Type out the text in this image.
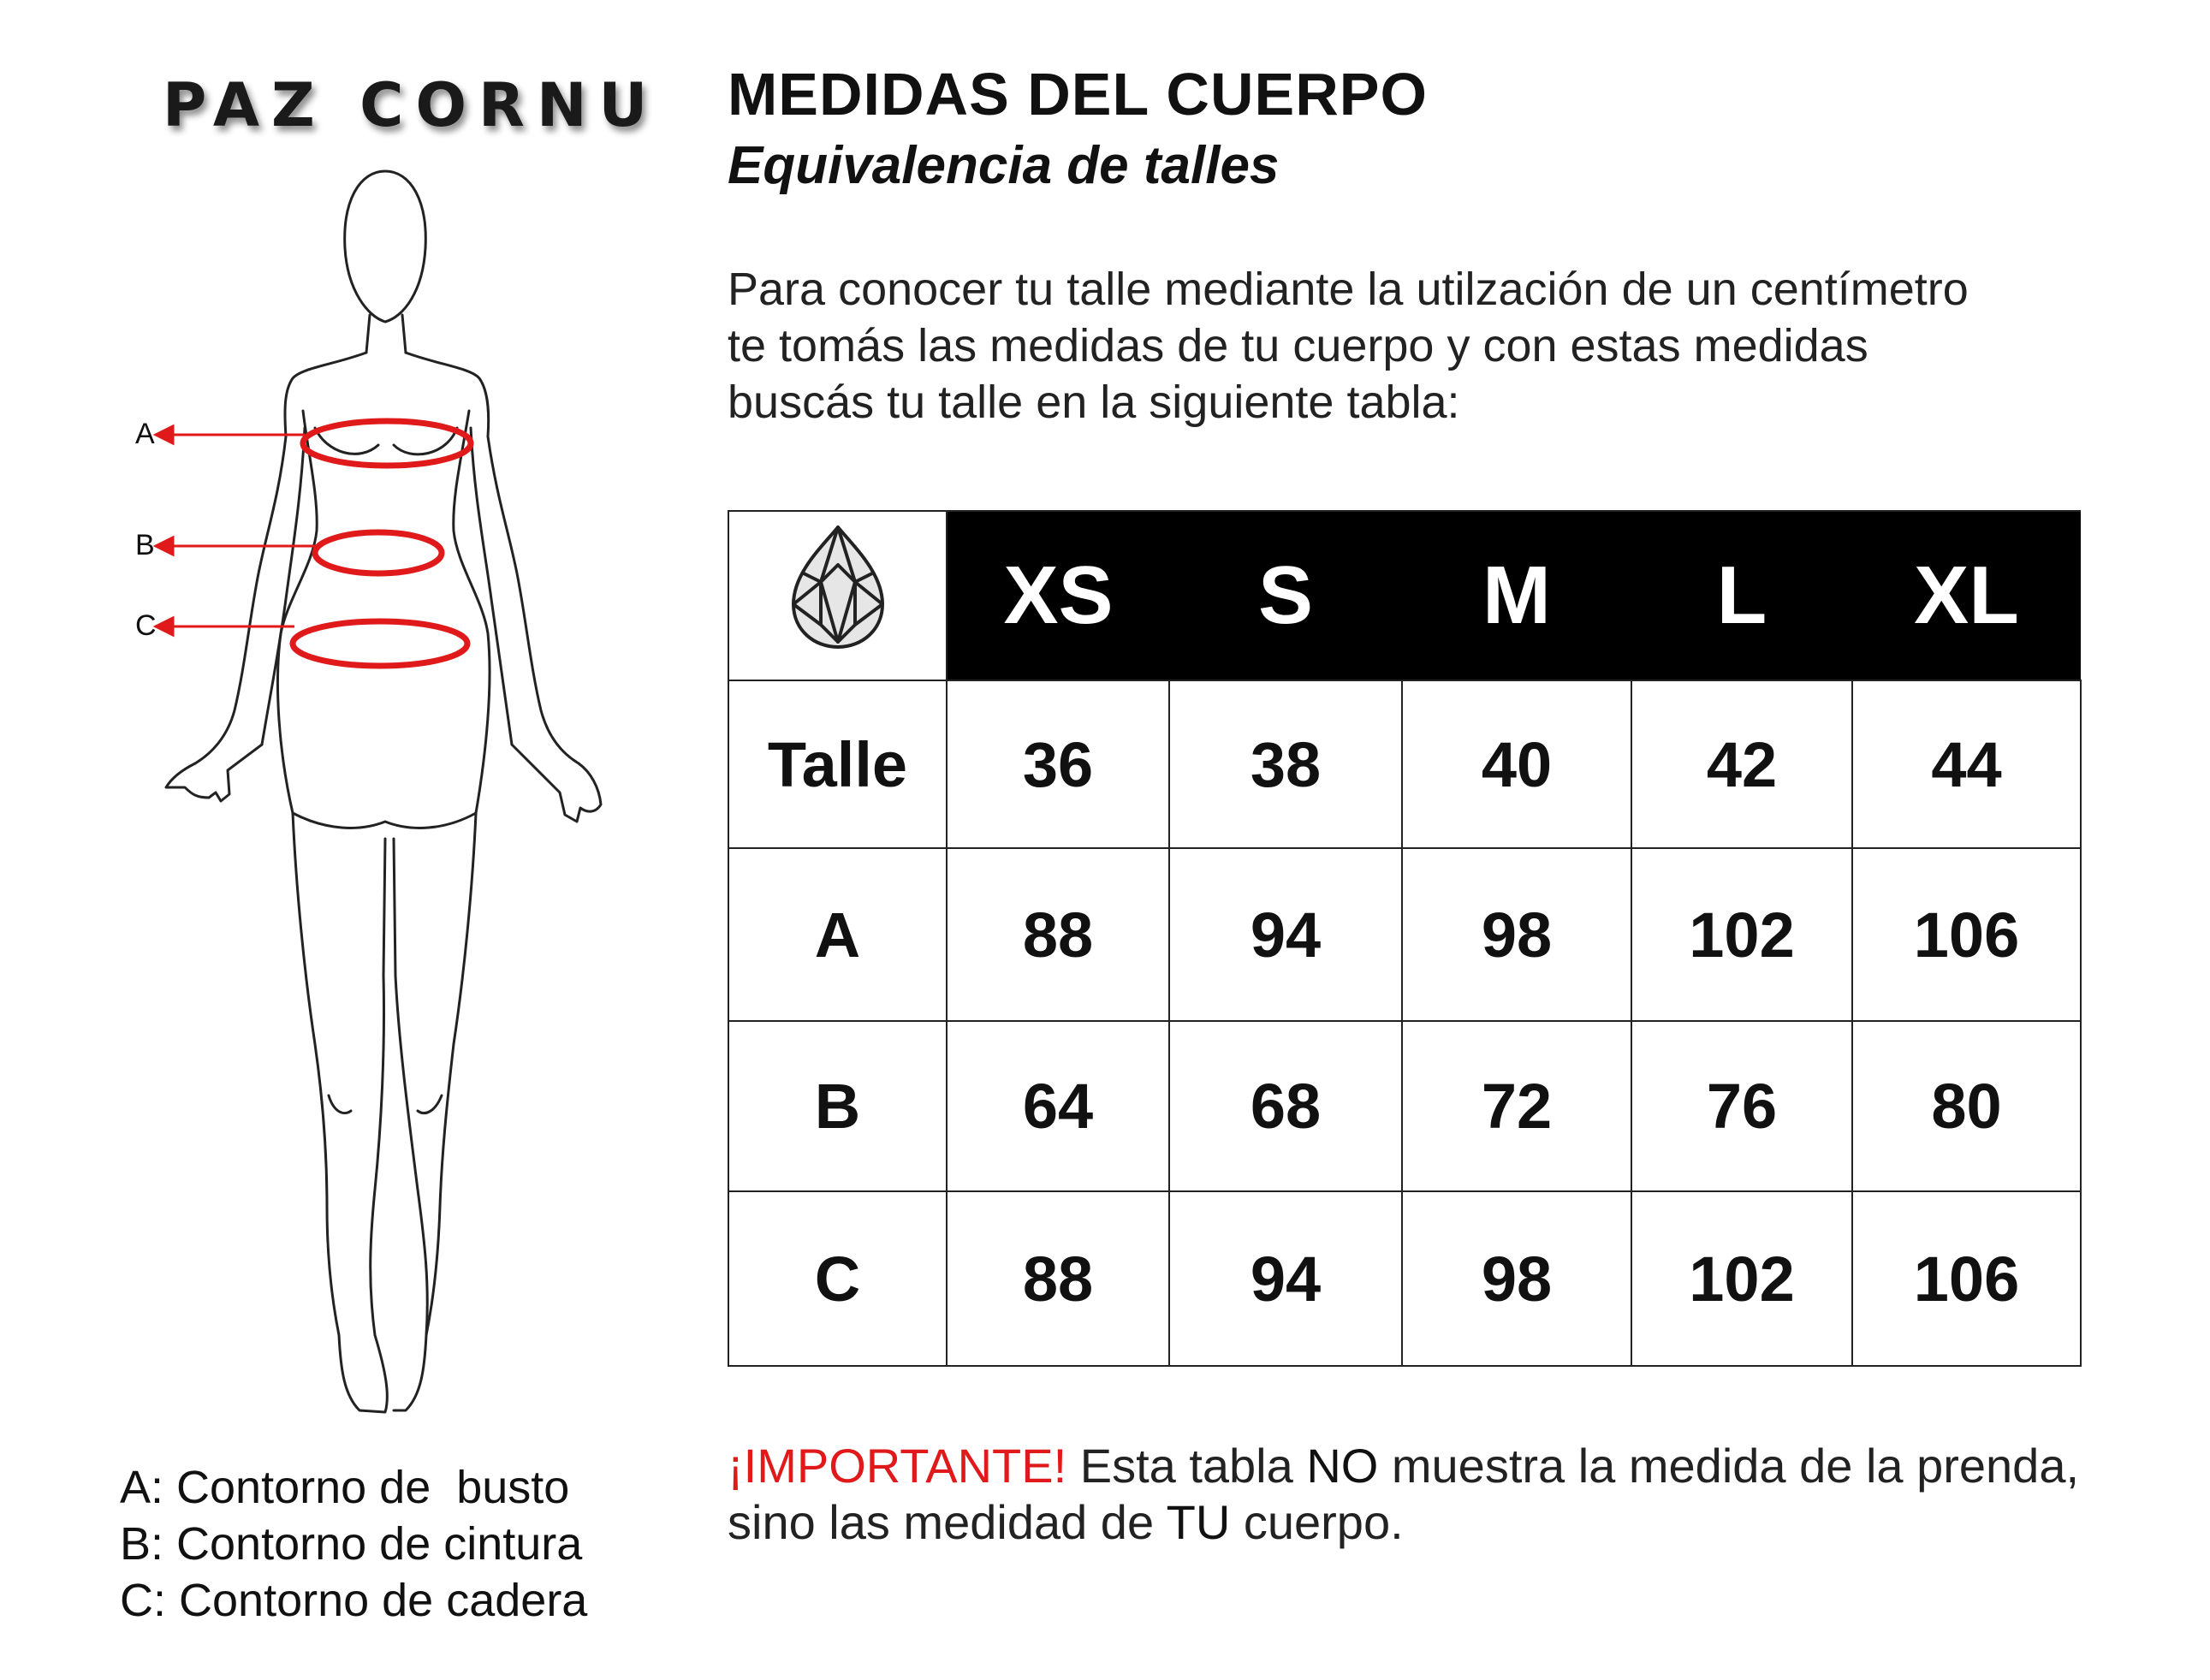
PAZ CORNU
A
B
C
A: Contorno de  busto
B: Contorno de cintura
C: Contorno de cadera
MEDIDAS DEL CUERPO
Equivalencia de talles
Para conocer tu talle mediante la utilzación de un centímetro
te tomás las medidas de tu cuerpo y con estas medidas
buscás tu talle en la siguiente tabla:
	XS	S	M	L	XL
Talle	36	38	40	42	44
A	88	94	98	102	106
B	64	68	72	76	80
C	88	94	98	102	106
¡IMPORTANTE! Esta tabla NO muestra la medida de la prenda,
sino las medidad de TU cuerpo.
